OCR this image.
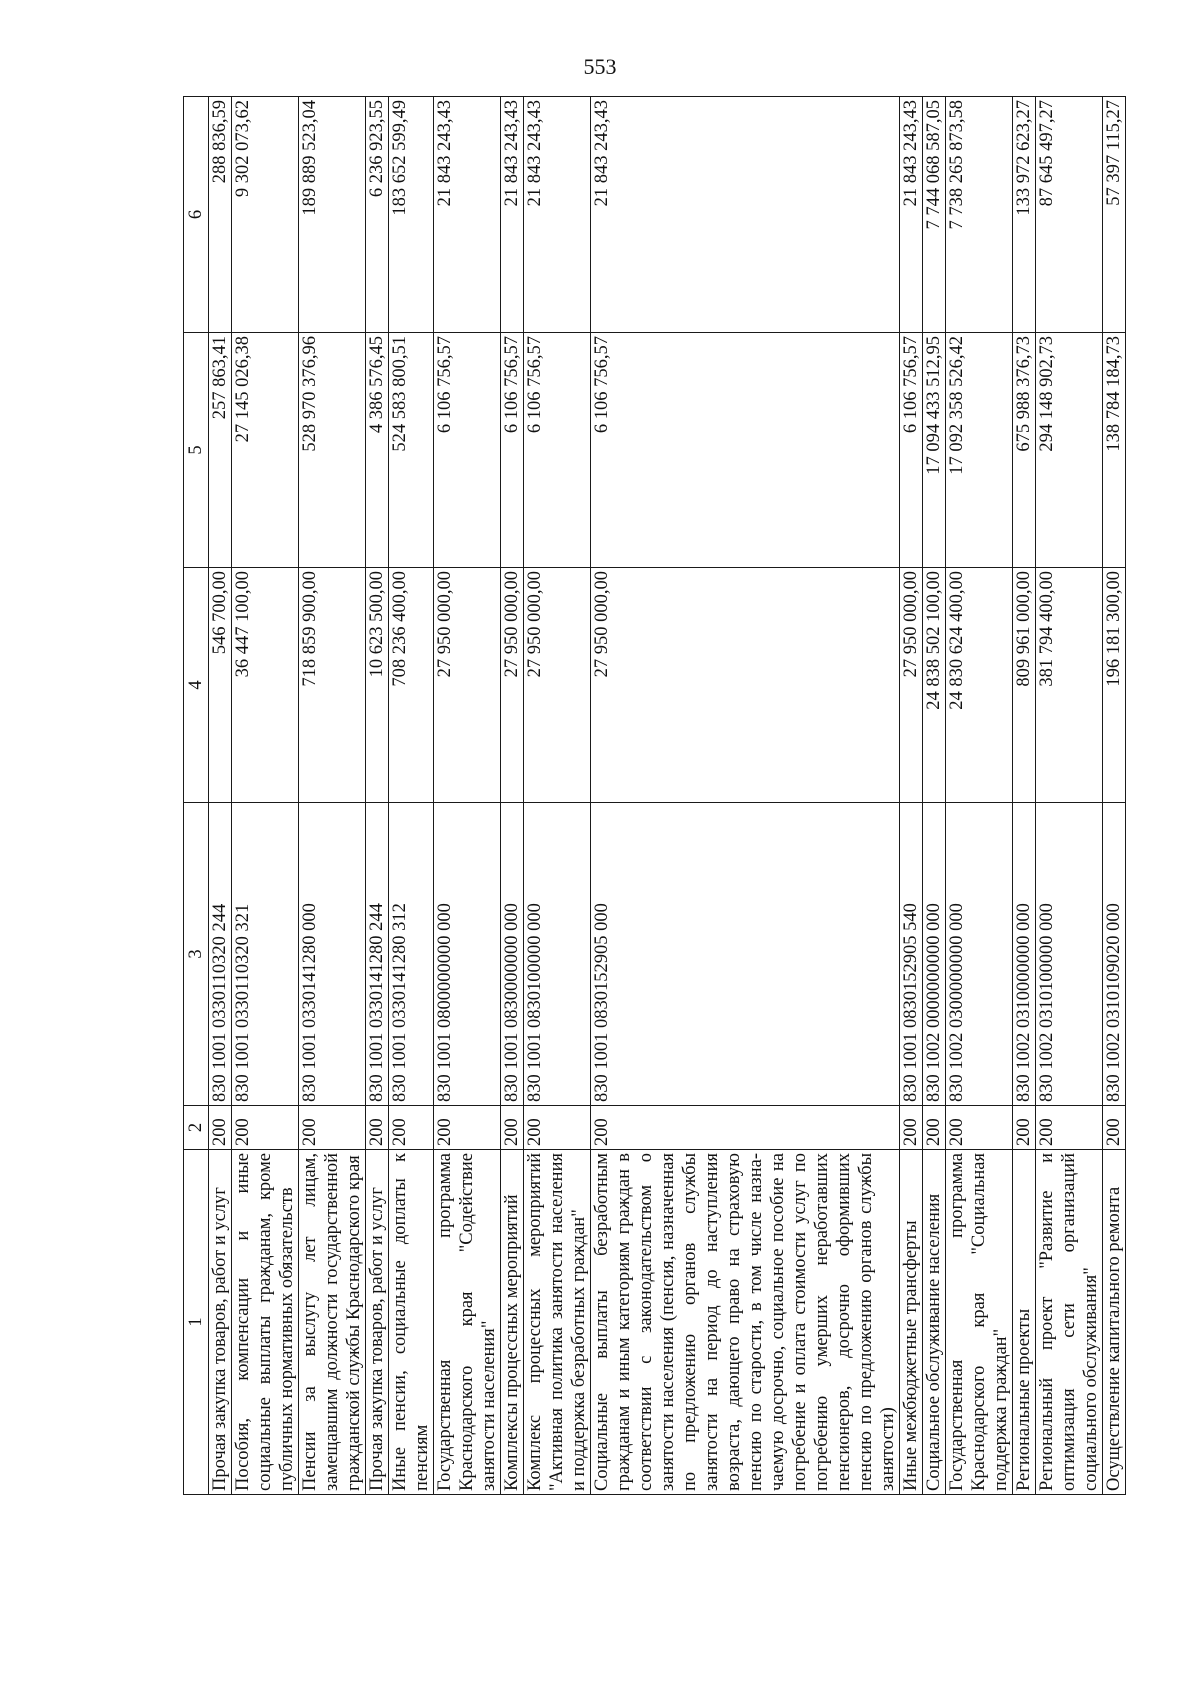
553
1	2	3	4	5	6
Прочая закупка товаров, работ и услуг	200	830 1001 0330110320 244	546 700,00	257 863,41	288 836,59
Пособия, компенсации и иные социальные выплаты гражданам, кроме публичных нормативных обязательств	200	830 1001 0330110320 321	36 447 100,00	27 145 026,38	9 302 073,62
Пенсии за выслугу лет лицам, замещавшим должности государственной гражданской службы Краснодарского края	200	830 1001 0330141280 000	718 859 900,00	528 970 376,96	189 889 523,04
Прочая закупка товаров, работ и услуг	200	830 1001 0330141280 244	10 623 500,00	4 386 576,45	6 236 923,55
Иные пенсии, социальные доплаты к пенсиям	200	830 1001 0330141280 312	708 236 400,00	524 583 800,51	183 652 599,49
Государственная программа Краснодарского края "Содействие занятости населения"	200	830 1001 0800000000 000	27 950 000,00	6 106 756,57	21 843 243,43
Комплексы процессных мероприятий	200	830 1001 0830000000 000	27 950 000,00	6 106 756,57	21 843 243,43
Комплекс процессных мероприятий "Активная политика занятости населения и поддержка безработных граждан"	200	830 1001 0830100000 000	27 950 000,00	6 106 756,57	21 843 243,43
Социальные выплаты безработным гражданам и иным категориям граждан в соответствии с законодательством о занятости населения (пенсия, назначенная по предложению органов службы занятости на период до наступления возраста, дающего право на страховую пенсию по старости, в том числе назначаемую досрочно, социальное пособие на погребение и оплата стоимости услуг по погребению умерших неработавших пенсионеров, досрочно оформивших пенсию по предложению органов службы занятости)	200	830 1001 0830152905 000	27 950 000,00	6 106 756,57	21 843 243,43
Иные межбюджетные трансферты	200	830 1001 0830152905 540	27 950 000,00	6 106 756,57	21 843 243,43
Социальное обслуживание населения	200	830 1002 0000000000 000	24 838 502 100,00	17 094 433 512,95	7 744 068 587,05
Государственная программа Краснодарского края "Социальная поддержка граждан"	200	830 1002 0300000000 000	24 830 624 400,00	17 092 358 526,42	7 738 265 873,58
Региональные проекты	200	830 1002 0310000000 000	809 961 000,00	675 988 376,73	133 972 623,27
Региональный проект "Развитие и оптимизация сети организаций социального обслуживания"	200	830 1002 0310100000 000	381 794 400,00	294 148 902,73	87 645 497,27
Осуществление капитального ремонта	200	830 1002 0310109020 000	196 181 300,00	138 784 184,73	57 397 115,27
